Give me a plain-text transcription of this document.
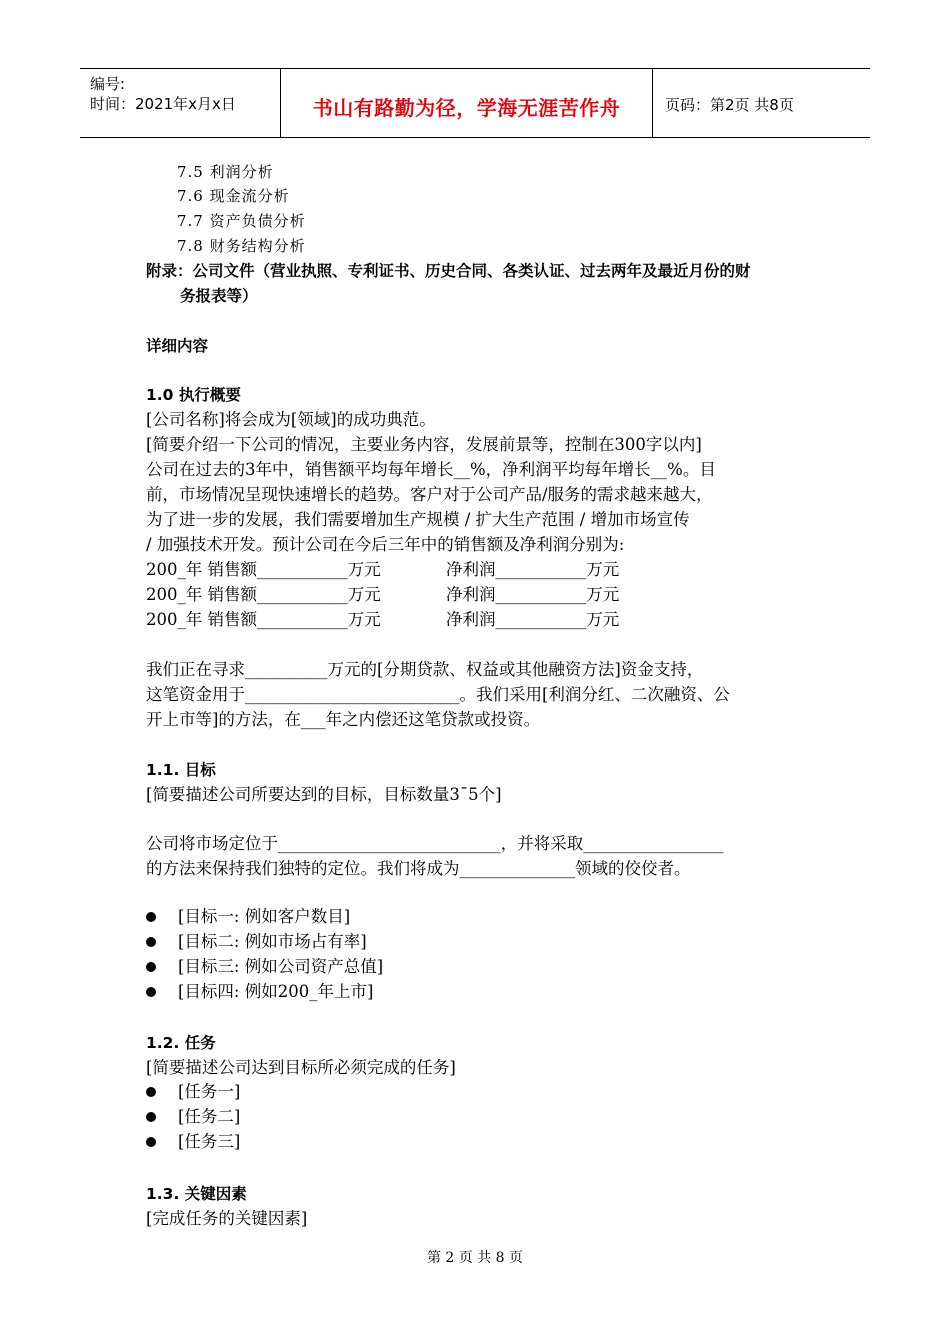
编号:
时间：2021年x月x日	书山有路勤为径，学海无涯苦作舟	页码：第2页 共8页
7.5 利润分析
7.6 现金流分析
7.7 资产负债分析
7.8 财务结构分析
附录：公司文件（营业执照、专利证书、历史合同、各类认证、过去两年及最近月份的财
务报表等）
详细内容
1.0 执行概要
[公司名称]将会成为[领域]的成功典范。
[简要介绍一下公司的情况，主要业务内容，发展前景等，控制在300字以内]
公司在过去的3年中，销售额平均每年增长__%，净利润平均每年增长__%。目
前，市场情况呈现快速增长的趋势。客户对于公司产品/服务的需求越来越大，
为了进一步的发展，我们需要增加生产规模 / 扩大生产范围 / 增加市场宣传
/ 加强技术开发。预计公司在今后三年中的销售额及净利润分别为:
200_年 销售额___________万元	净利润___________万元
200_年 销售额___________万元	净利润___________万元
200_年 销售额___________万元	净利润___________万元
我们正在寻求__________万元的[分期贷款、权益或其他融资方法]资金支持，
这笔资金用于__________________________。我们采用[利润分红、二次融资、公
开上市等]的方法，在___年之内偿还这笔贷款或投资。
1.1. 目标
[简要描述公司所要达到的目标，目标数量3¯5个]
公司将市场定位于___________________________，并将采取_________________
的方法来保持我们独特的定位。我们将成为______________领域的佼佼者。
[目标一: 例如客户数目]
[目标二: 例如市场占有率]
[目标三: 例如公司资产总值]
[目标四: 例如200_年上市]
1.2. 任务
[简要描述公司达到目标所必须完成的任务]
[任务一]
[任务二]
[任务三]
1.3. 关键因素
[完成任务的关键因素]
第 2 页 共 8 页
